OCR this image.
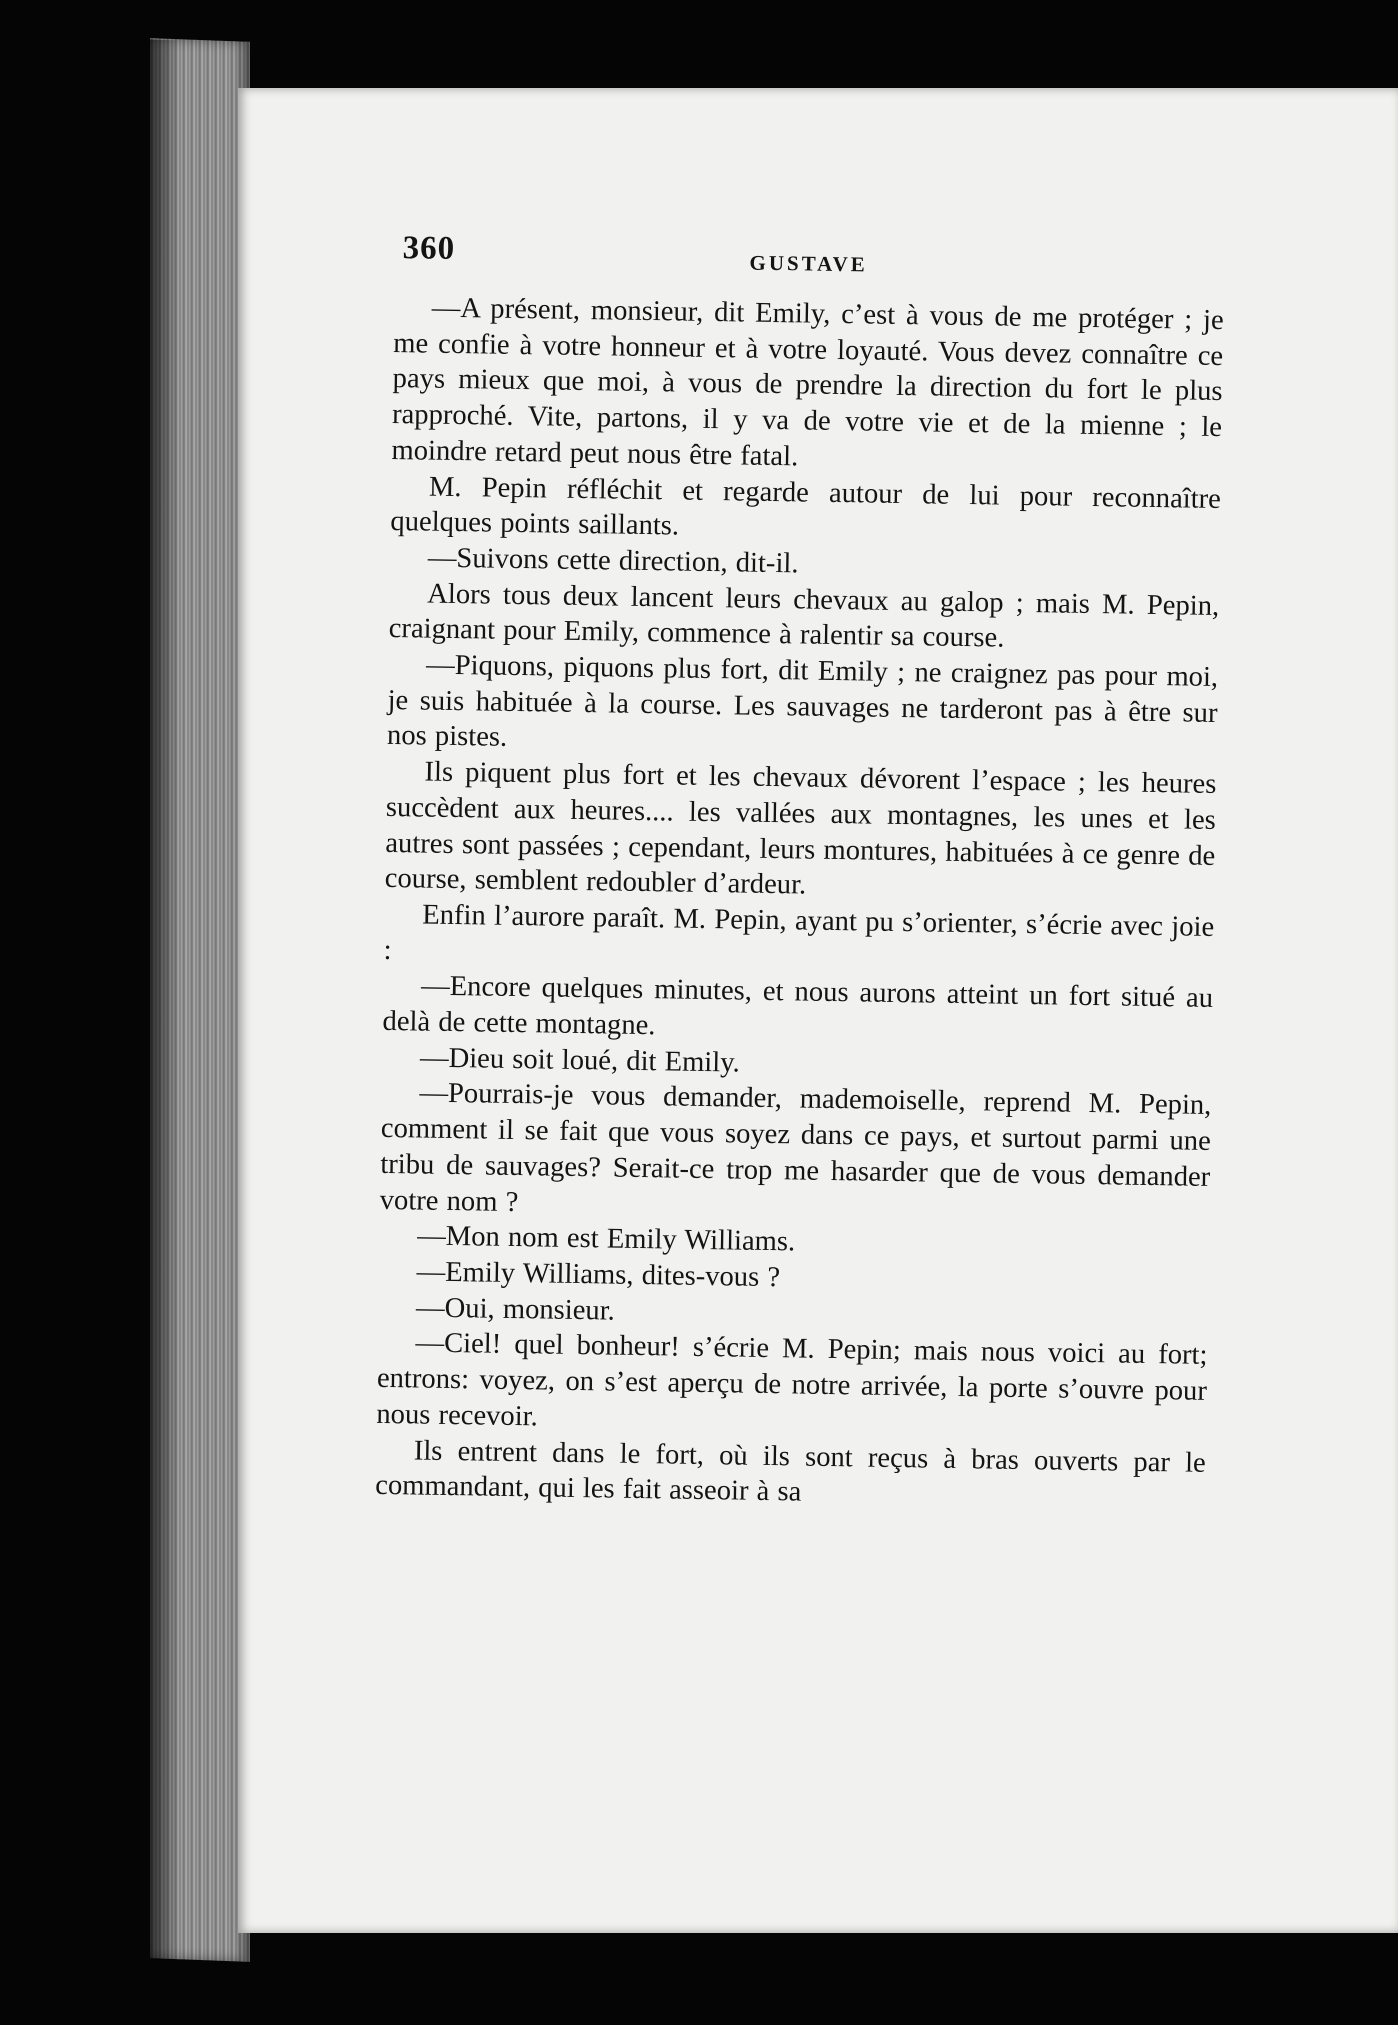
360	GUSTAVE

—A présent, monsieur, dit Emily, c’est à vous de me protéger ; je me confie à votre honneur et à votre loyauté. Vous devez connaître ce pays mieux que moi, à vous de prendre la direction du fort le plus rapproché. Vite, partons, il y va de votre vie et de la mienne ; le moindre retard peut nous être fatal.

M. Pepin réfléchit et regarde autour de lui pour reconnaître quelques points saillants.

—Suivons cette direction, dit-il.

Alors tous deux lancent leurs chevaux au galop ; mais M. Pepin, craignant pour Emily, commence à ralentir sa course.

—Piquons, piquons plus fort, dit Emily ; ne craignez pas pour moi, je suis habituée à la course. Les sauvages ne tarderont pas à être sur nos pistes.

Ils piquent plus fort et les chevaux dévorent l’espace ; les heures succèdent aux heures.... les vallées aux montagnes, les unes et les autres sont passées ; cependant, leurs montures, habituées à ce genre de course, semblent redoubler d’ardeur.

Enfin l’aurore paraît. M. Pepin, ayant pu s’orienter, s’écrie avec joie :

—Encore quelques minutes, et nous aurons atteint un fort situé au delà de cette montagne.

—Dieu soit loué, dit Emily.

—Pourrais-je vous demander, mademoiselle, reprend M. Pepin, comment il se fait que vous soyez dans ce pays, et surtout parmi une tribu de sauvages? Serait-ce trop me hasarder que de vous demander votre nom ?

—Mon nom est Emily Williams.

—Emily Williams, dites-vous ?

—Oui, monsieur.

—Ciel! quel bonheur! s’écrie M. Pepin; mais nous voici au fort; entrons: voyez, on s’est aperçu de notre arrivée, la porte s’ouvre pour nous recevoir.

Ils entrent dans le fort, où ils sont reçus à bras ouverts par le commandant, qui les fait asseoir à sa
